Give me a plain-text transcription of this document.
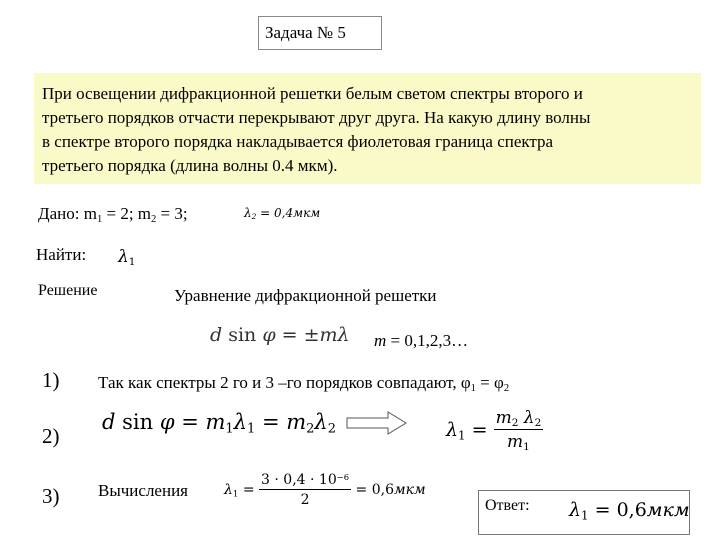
Задача № 5
При освещении дифракционной решетки белым светом спектры второго и
третьего порядков отчасти перекрывают друг друга. На какую длину волны
в спектре второго порядка накладывается фиолетовая граница спектра
третьего порядка (длина волны 0.4 мкм).
Дано: $m_1 = 2$; $m_2 = 3$;	$\lambda_2 = 0,4мкм$
Найти: $\lambda_1$
Решение	Уравнение дифракционной решетки
d sin φ = ±mλ m = 0,1,2,3…
1) Так как спектры 2 го и 3 –го порядков совпадают, $\varphi_1 = \varphi_2$
2)
d $\sin \varphi = m_1\lambda_1 = m_2\lambda_2$	$\lambda_1 = \frac{m_2 \lambda_2}{m_1}$
3) Вычисления	$\lambda_1 = \frac{3 \cdot 0,4 \cdot 10^{-6}}{2} = 0,6мкм$
Ответ: $\lambda_1 = 0,6мкм$
